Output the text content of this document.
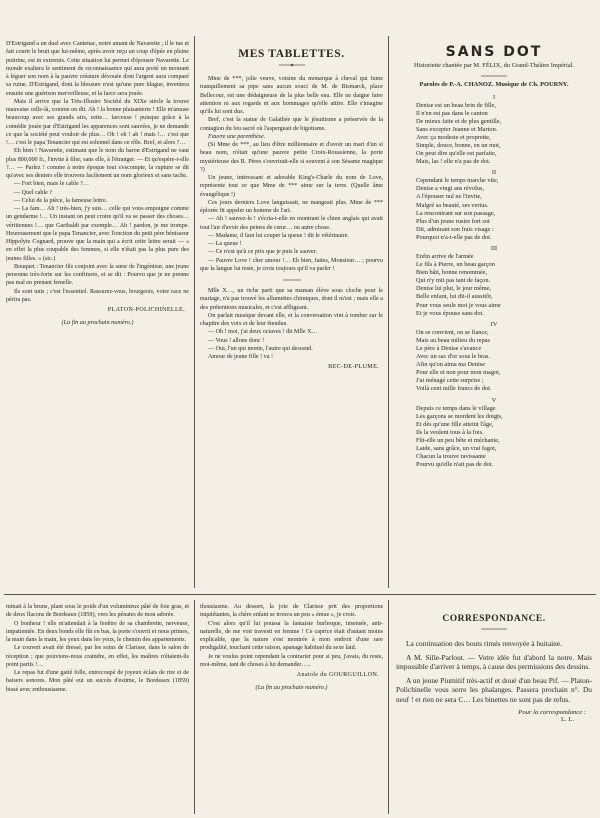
D'Estrigand a un duel avec Cantenac, notre amant de Navarette ; il le tue et fait courir le bruit que lui-même, après avoir reçu un coup d'épée en pleine poitrine, est in extremis. Cette situation lui permet d'épouser Navarette. Le monde exaltera le sentiment de reconnaissance qui aura porté un mourant à léguer son nom à la pauvre créature dévouée dont l'argent aura comparé sa ruine. D'Estrigand, dont la blessure n'est qu'une pure blague, inventera ensuite une guérison merveilleuse, et la farce sera jouée.

Mais il arrive que la Très-Illustre Société du XIXe siècle la trouve mauvaise celle-là, comme on dit. Ah ! la bonne plaisanterie ! Elle m'amuse beaucoup avec ses grands airs, cette… farceuse ! puisque grâce à la comédie jouée par d'Estrigand les apparences sont sauvées, je ne demande ce que la société peut vouloir de plus… Oh ! oh ! ah ! mais !… c'est que !… c'est le papa Tenancier qui est solennel dans ce rôle. Bref, et alors ?…

Eh bien ! Navarette, estimant que le nom du baron d'Estrigand ne vaut plus 800,000 fr., l'invite à filer, sans elle, à l'étranger. — Et qu'espère-t-elle ?… — Parlez ! comme à notre époque tout s'escompte, la rupture se dit qu'avec ses deniers elle trouvera facilement un nom glorieux et sans tache.

— Fort bien, mais le cable ?…

— Quel cable ?

— Celui de la pièce, la fameuse lettre.

— La fam… Ah ! très-bien, j'y suis… celle qui vous empoigne comme un gendarme !… Un instant on peut croire qu'il va se passer des choses… véritiennes !… que Garibaldi par exemple… Ah ! pardon, je me trompe. Heureusement que le papa Tenancier, avec l'onction du petit père bénisseur Hippolyte Cognard, prouve que la main qui a écrit cette lettre serait — « en effet la plus coupable des femmes, si elle n'était pas la plus pure des jeunes filles. » (sic.)

Bouquet : Tenancier fils conjoint avec la sœur de l'ingénieur, une jeune personne très-forte sur les confitures, et se dit : Pourvu que je ne prenne pas mal en prenant femelle.

Ils sont unis ; c'est l'essentiel. Rassurez-vous, bourgeois, votre race ne périra pas.

PLATON-POLICHINELLE.
(La fin au prochain numéro.)
MES TABLETTES.

Mme de ***, jolie veuve, voisine du monarque à cheval qui fume tranquillement sa pipe sans aucun souci de M. de Bismarck, place Bellecour, est une dédaigneuse de la plus belle eau. Elle ne daigne faire attention ni aux regards ni aux hommages qu'elle attire. Elle s'imagine qu'ils lui sont dus.

Bref, c'est la statue de Galathée que le jésuitisme a préservée de la contagion du feu sacré où l'aspergeait de bigotisme.

Fauvre une parenthèse.

(Si Mme de ***, au lieu d'être millionnaire et d'avoir un mari d'un si beau nom, n'était qu'une pauvre petite Croix-Roussienne, la porte mystérieuse des R. Pères s'ouvrirait-elle si souvent à son Sésame magique ?)

Un jeune, intéressant et adorable King's-Charle du nom de Love, représente tout ce que Mme de *** aime sur la terre. (Quelle âme évangélique !)

Ces jours derniers Love languissait, ne mangeait plus. Mme de *** éplorée fit appeler un homme de l'art.

— Ah ! sauvez-le ! s'écria-t-elle en montrant le chien anglais qui avait tout l'air d'avoir des peines de cœur… ou autre chose.

— Madame, il faut lui couper la queue ! dit le vétérinaire.

— La queue !

— Ce n'est qu'à ce prix que je puis le sauver.

— Pauvre Love ! cher amour !… Eh bien, faites, Monsieur… ; pourvu que la langue lui reste, je crois toujours qu'il va parler !

Mlle X…, un riche parti que sa maman élève sous cloche pour le mariage, n'a pas trouvé les allumettes chimiques, dont il m'est ; mais elle a des prétentions musicales, et c'est affligeant.

On parlait musique devant elle, et la conversation vint à tomber sur le chapitre des voix et de leur étendue.

— Oh ! moi, j'ai deux octaves ! dit Mlle X…

— Vous ! allons donc !

— Oui, l'un qui monte, l'autre qui descend.

Amour de jeune fille ! va !

BEC-DE-PLUME.
SANS DOT

Historiette chantée par M. FÉLIX, du Grand-Théâtre Impérial.

Paroles de P.-A. CHANOZ. Musique de Ch. POURNY.
I
Denise est un beau brin de fille,
Il n'en est pas dans le canton
De mieux faite et de plus gentille,
Sans excepter Jeanne et Marton.
Avec ça modeste et proprette,
Simple, douce, bonne, en un mot,
On peut dire qu'elle est parfaite,
Mais, las ! elle n'a pas de dot.
II
Cependant le temps marche vite,
Denise a vingt ans révolus,
A l'épouser nul ne l'invite,
Malgré sa beauté, ses vertus.
La rencontrant sur son passage,
Plus d'un jeune rustre fort sot
Dit, admirant son frais visage :
Pourquoi n'a-t-elle pas de dot.
III
Enfin arrive de l'armée
Le fils à Pierre, un beau garçon
Bien bâti, bonne renommée,
Qui n'y mit pas tant de façon.
Denise lui plut, le jour même,
Belle enfant, lui dit-il aussitôt,
Pour vous seule moi je vous aime
Et je vous épouse sans dot.
IV
On se convient, on se fiance,
Mais au beau milieu du repas
Le père à Denise s'avance
Avec un sac d'or sous le bras.
Afin qu'on aima ma Denise
Pour elle et non pour mon magot,
J'ai ménagé cette surprise ;
Voilà cent mille francs de dot.
V
Depuis ce temps dans le village
Les garçons se mordent les doigts,
Et dès qu'une fille atteint l'âge,
Ils la veulent tous à la fois.
Fût-elle un peu bête et méchante,
Laide, sans grâce, un vrai fagot,
Chacun la trouve ravissante
Pourvu qu'elle n'ait pas de dot.

minait à la brune, plant sous le poids d'un volumineux pâté de foie gras, et de deux flacons de Bordeaux (1859), vers les pénates de mon adorée.

O bonheur ! elle m'attendait à la fenêtre de sa chambrette, nerveuse, impatientée. En deux bonds elle fût en bas, la porte s'ouvrit et nous primes, la main dans la main, les yeux dans les yeux, le chemin des appartements.

Le couvert avait été dressé, par les soins de Clarisse, dans le salon de réception ; que pouvions-nous craindre, en effet, les maîtres n'étaient-ils point partis !…

Le repas fut d'une gaité folle, entrecoupé de joyeux éclats de rire et de baisers sonores. Mon pâté eut un succès d'estime, le Bordeaux (1859) bissé avec enthousiasme.

thousiasme. Au dessert, la joie de Clarisse prit des proportions inquiétantes, la chère enfant se trouva un peu « émue », je crois.

C'est alors qu'il lui poussa la fantaisie burlesque, insensée, anti-naturelle, de me voir travesti en femme ! Ce caprice était d'autant moins explicable, que la nature s'est montrée à mon endroit d'une rare prodigalité, touchant cette raison, apanage habituel du sexe laid.

Je ne voulus point cependant la contrarier pour si peu, j'avais, du reste, moi-même, tant de choses à lui demander…..

Anatole du GOURGUILLON.
(La fin au prochain numéro.)
CORRESPONDANCE.

La continuation des bouts rimés renvoyée à huitaine.

A M. Sille-Parlout. — Votre idée fut d'abord la notre. Mais impossible d'arriver à temps, à cause des permissions des dessins.

A un jeune Piumitif très-actif et doué d'un beau Pif. — Platon-Polichinelle vous serre les phalanges. Passera prochain n°. Du neuf ! et rien ne sera C… Les binettes ne sont pas de refus.

Pour la correspondance :
L. L.
